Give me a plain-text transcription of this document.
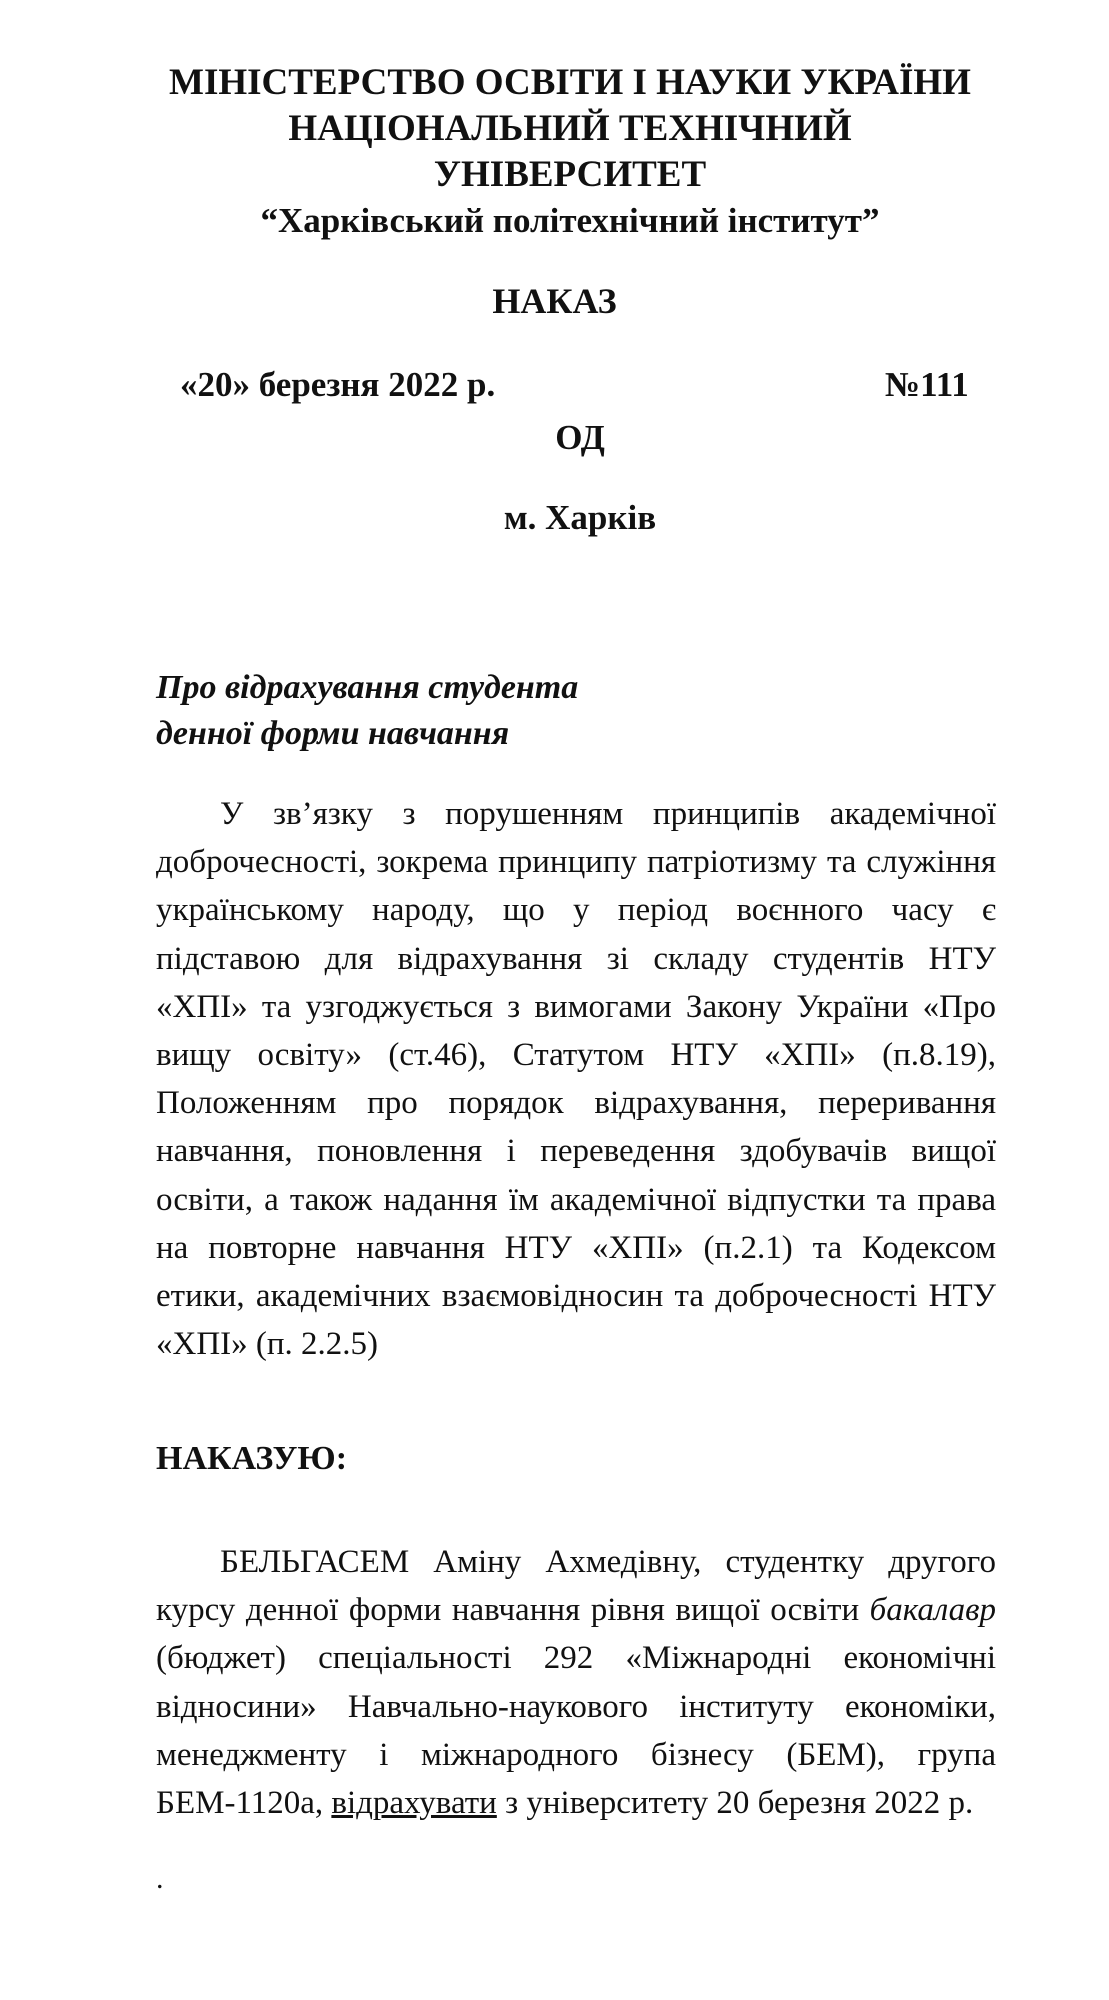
МІНІСТЕРСТВО ОСВІТИ І НАУКИ УКРАЇНИ
НАЦІОНАЛЬНИЙ ТЕХНІЧНИЙ
УНІВЕРСИТЕТ
“Харківський політехнічний інститут”
НАКАЗ
«20» березня 2022 р.	№111
ОД
м. Харків
Про відрахування студента
денної форми навчання
У зв’язку з порушенням принципів академічної доброчесності, зокрема принципу патріотизму та служіння українському народу, що у період воєнного часу є підставою для відрахування зі складу студентів НТУ «ХПІ» та узгоджується з вимогами Закону України «Про вищу освіту» (ст.46), Статутом НТУ «ХПІ» (п.8.19), Положенням про порядок відрахування, переривання навчання, поновлення і переведення здобувачів вищої освіти, а також надання їм академічної відпустки та права на повторне навчання НТУ «ХПІ» (п.2.1) та Кодексом етики, академічних взаємовідносин та доброчесності НТУ «ХПІ» (п. 2.2.5)
НАКАЗУЮ:
БЕЛЬГАСЕМ Аміну Ахмедівну, студентку другого курсу денної форми навчання рівня вищої освіти бакалавр (бюджет) спеціальності 292 «Міжнародні економічні відносини» Навчально-наукового інституту економіки, менеджменту і міжнародного бізнесу (БЕМ), група БЕМ-1120а, відрахувати з університету 20 березня 2022 р.
.
